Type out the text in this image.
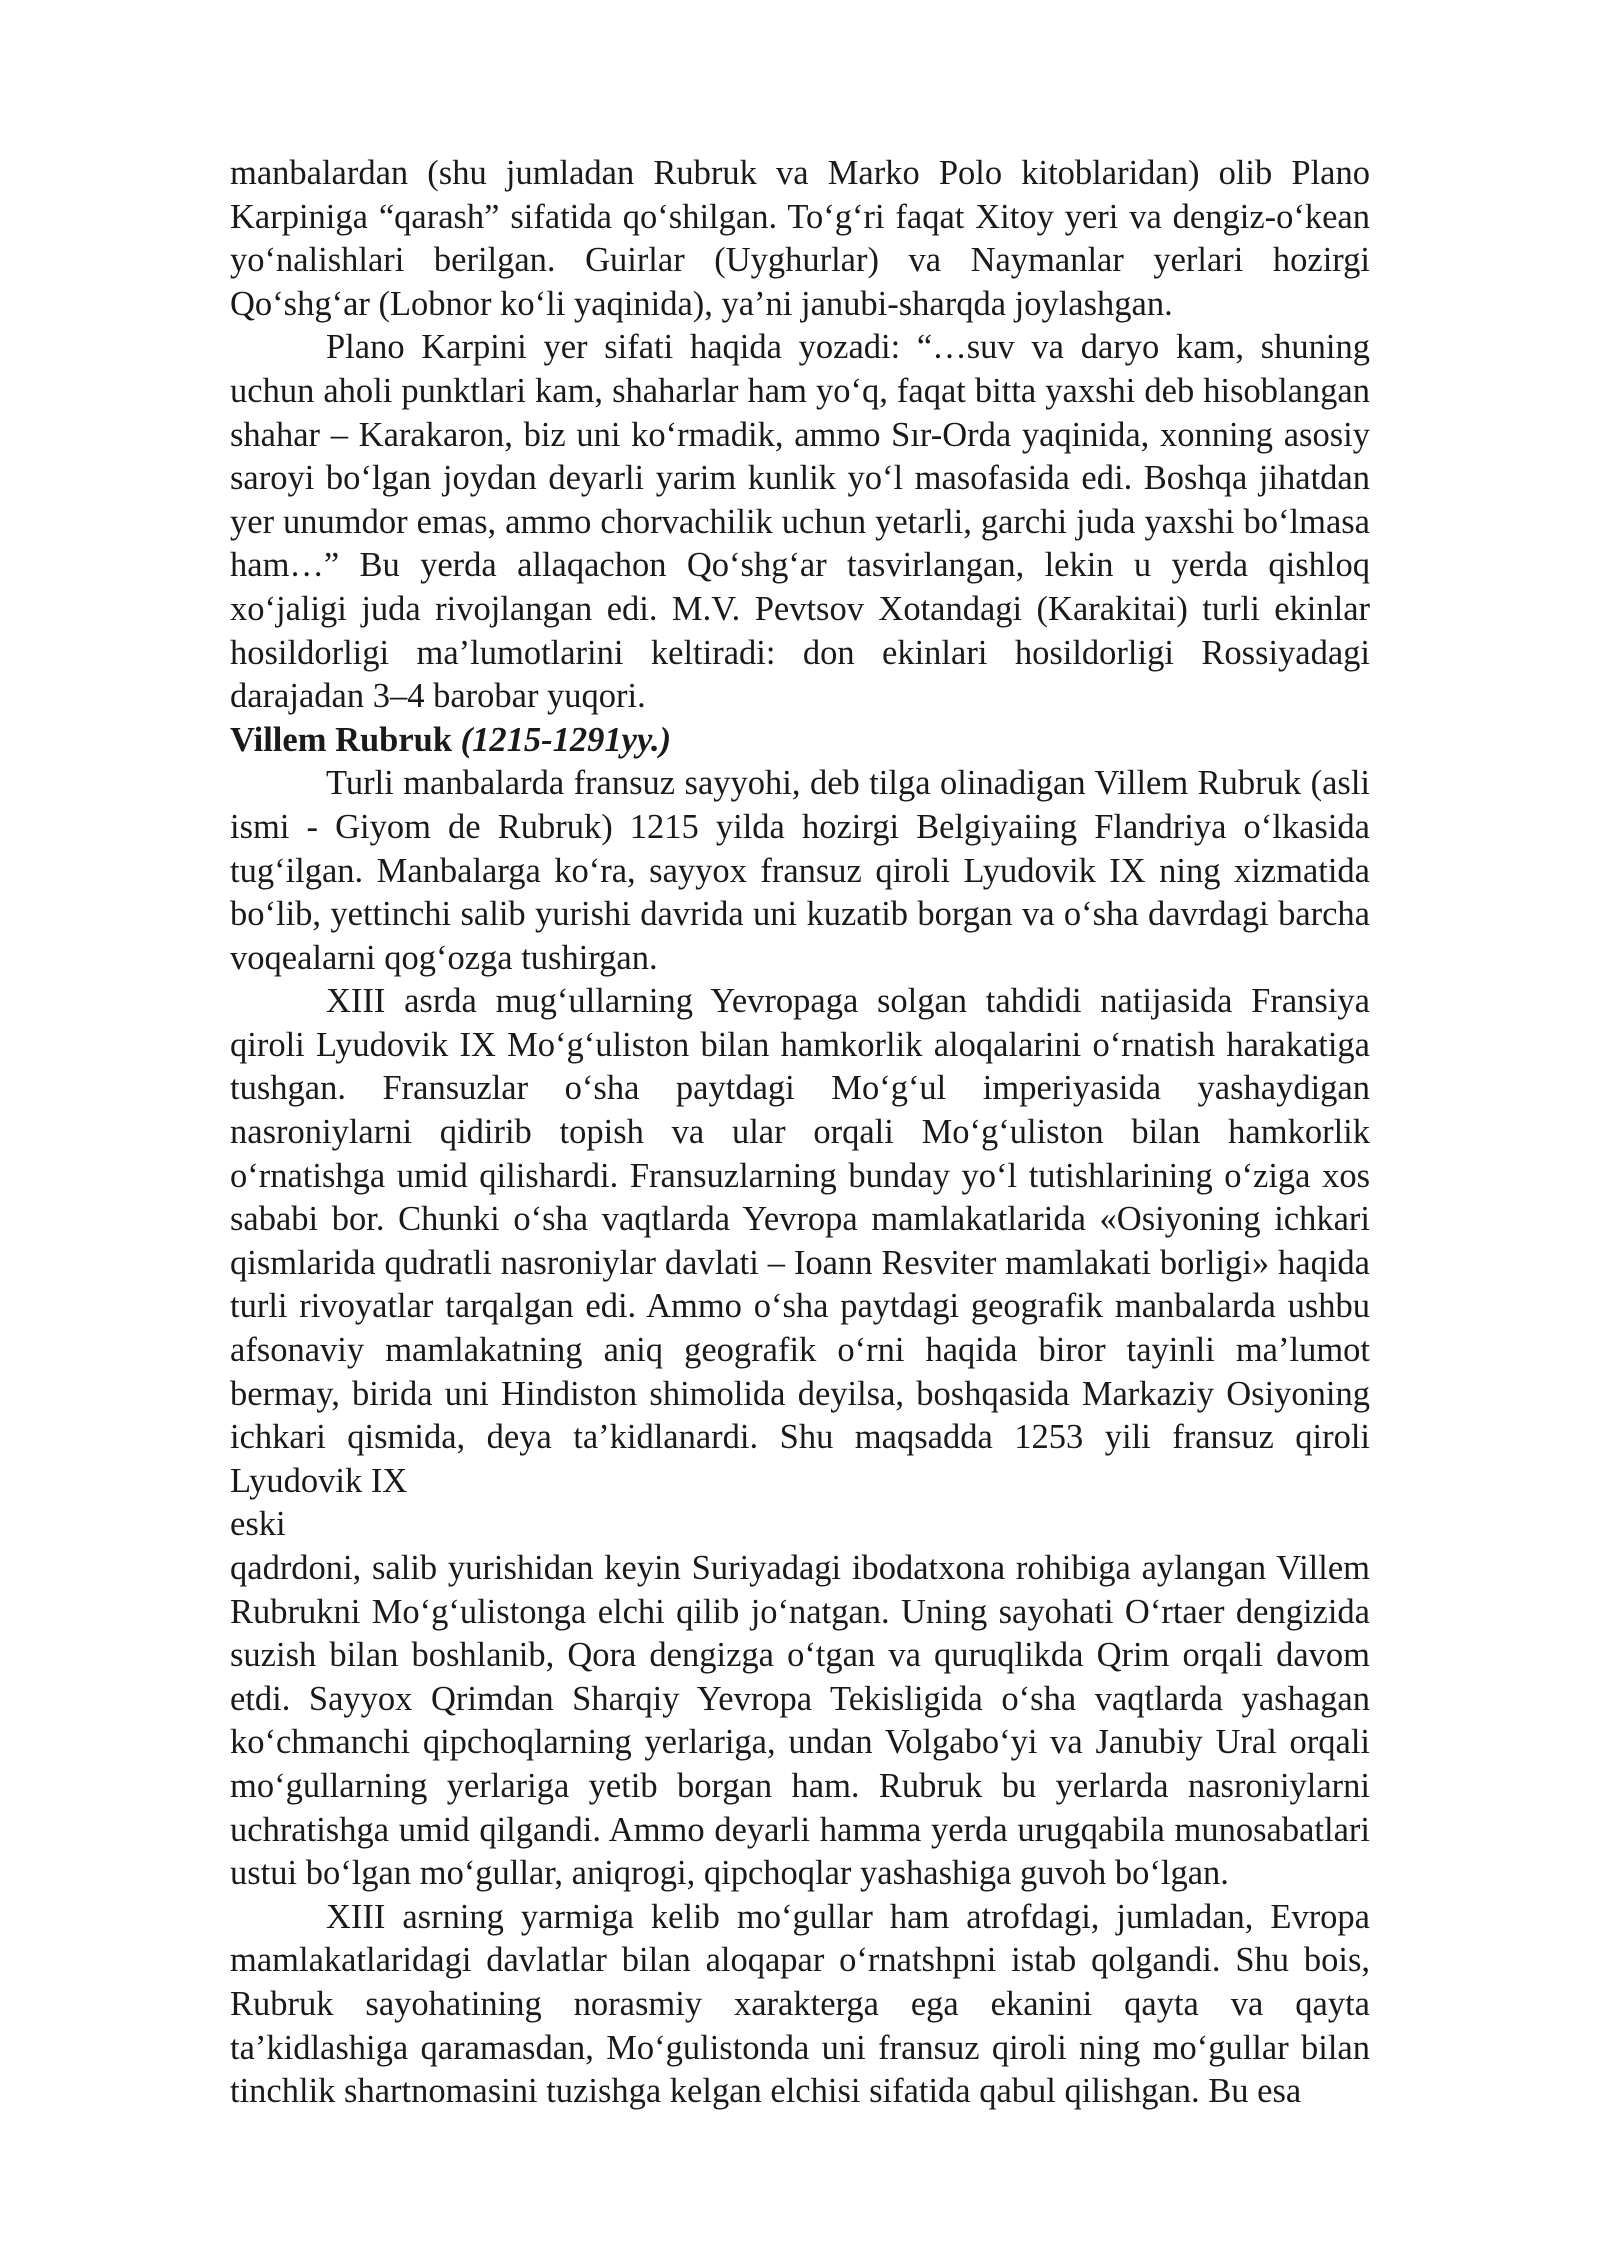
manbalardan (shu jumladan Rubruk va Marko Polo kitoblaridan) olib Plano Karpiniga “qarash” sifatida qo‘shilgan. To‘g‘ri faqat Xitoy yeri va dengiz-o‘kean yo‘nalishlari berilgan. Guirlar (Uyghurlar) va Naymanlar yerlari hozirgi Qo‘shg‘ar (Lobnor ko‘li yaqinida), ya’ni janubi-sharqda joylashgan.

Plano Karpini yer sifati haqida yozadi: “…suv va daryo kam, shuning uchun aholi punktlari kam, shaharlar ham yo‘q, faqat bitta yaxshi deb hisoblangan shahar – Karakaron, biz uni ko‘rmadik, ammo Sır-Orda yaqinida, xonning asosiy saroyi bo‘lgan joydan deyarli yarim kunlik yo‘l masofasida edi. Boshqa jihatdan yer unumdor emas, ammo chorvachilik uchun yetarli, garchi juda yaxshi bo‘lmasa ham…” Bu yerda allaqachon Qo‘shg‘ar tasvirlangan, lekin u yerda qishloq xo‘jaligi juda rivojlangan edi. M.V. Pevtsov Xotandagi (Karakitai) turli ekinlar hosildorligi ma’lumotlarini keltiradi: don ekinlari hosildorligi Rossiyadagi darajadan 3–4 barobar yuqori.

Villem Rubruk (1215-1291yy.)

Turli manbalarda fransuz sayyohi, deb tilga olinadigan Villem Rubruk (asli ismi - Giyom de Rubruk) 1215 yilda hozirgi Belgiyaiing Flandriya o‘lkasida tug‘ilgan. Manbalarga ko‘ra, sayyox fransuz qiroli Lyudovik IX ning xizmatida bo‘lib, yettinchi salib yurishi davrida uni kuzatib borgan va o‘sha davrdagi barcha voqealarni qog‘ozga tushirgan.

XIII asrda mug‘ullarning Yevropaga solgan tahdidi natijasida Fransiya qiroli Lyudovik IX Mo‘g‘uliston bilan hamkorlik aloqalarini o‘rnatish harakatiga tushgan. Fransuzlar o‘sha paytdagi Mo‘g‘ul imperiyasida yashaydigan nasroniylarni qidirib topish va ular orqali Mo‘g‘uliston bilan hamkorlik o‘rnatishga umid qilishardi. Fransuzlarning bunday yo‘l tutishlarining o‘ziga xos sababi bor. Chunki o‘sha vaqtlarda Yevropa mamlakatlarida «Osiyoning ichkari qismlarida qudratli nasroniylar davlati – Ioann Resviter mamlakati borligi» haqida turli rivoyatlar tarqalgan edi. Ammo o‘sha paytdagi geografik manbalarda ushbu afsonaviy mamlakatning aniq geografik o‘rni haqida biror tayinli ma’lumot bermay, birida uni Hindiston shimolida deyilsa, boshqasida Markaziy Osiyoning ichkari qismida, deya ta’kidlanardi. Shu maqsadda 1253 yili fransuz qiroli Lyudovik IX

eski

qadrdoni, salib yurishidan keyin Suriyadagi ibodatxona rohibiga aylangan Villem Rubrukni Mo‘g‘ulistonga elchi qilib jo‘natgan. Uning sayohati O‘rtaer dengizida suzish bilan boshlanib, Qora dengizga o‘tgan va quruqlikda Qrim orqali davom etdi. Sayyox Qrimdan Sharqiy Yevropa Tekisligida o‘sha vaqtlarda yashagan ko‘chmanchi qipchoqlarning yerlariga, undan Volgabo‘yi va Janubiy Ural orqali mo‘gullarning yerlariga yetib borgan ham. Rubruk bu yerlarda nasroniylarni uchratishga umid qilgandi. Ammo deyarli hamma yerda urugqabila munosabatlari ustui bo‘lgan mo‘gullar, aniqrogi, qipchoqlar yashashiga guvoh bo‘lgan.

XIII asrning yarmiga kelib mo‘gullar ham atrofdagi, jumladan, Evropa mamlakatlaridagi davlatlar bilan aloqapar o‘rnatshpni istab qolgandi. Shu bois, Rubruk sayohatining norasmiy xarakterga ega ekanini qayta va qayta ta’kidlashiga qaramasdan, Mo‘gulistonda uni fransuz qiroli ning mo‘gullar bilan tinchlik shartnomasini tuzishga kelgan elchisi sifatida qabul qilishgan. Bu esa
